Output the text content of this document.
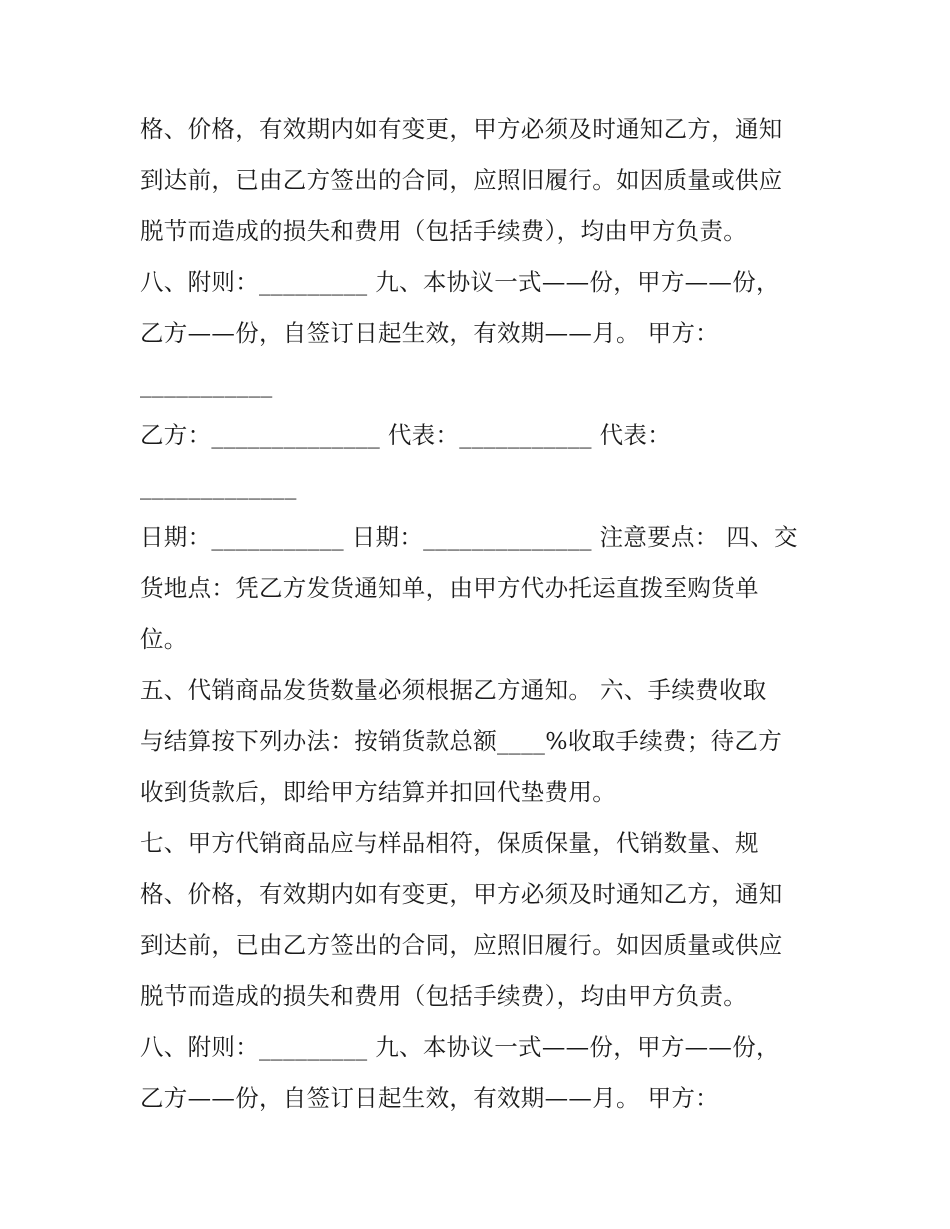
格、价格，有效期内如有变更，甲方必须及时通知乙方，通知
到达前，已由乙方签出的合同，应照旧履行。如因质量或供应
脱节而造成的损失和费用（包括手续费），均由甲方负责。
八、附则：_________ 九、本协议一式——份，甲方——份，
乙方——份，自签订日起生效，有效期——月。 甲方：
___________
乙方：______________ 代表：___________ 代表：
_____________
日期：___________ 日期：______________ 注意要点： 四、交
货地点：凭乙方发货通知单，由甲方代办托运直拨至购货单
位。
五、代销商品发货数量必须根据乙方通知。 六、手续费收取
与结算按下列办法：按销货款总额____%收取手续费；待乙方
收到货款后，即给甲方结算并扣回代垫费用。
七、甲方代销商品应与样品相符，保质保量，代销数量、规
格、价格，有效期内如有变更，甲方必须及时通知乙方，通知
到达前，已由乙方签出的合同，应照旧履行。如因质量或供应
脱节而造成的损失和费用（包括手续费），均由甲方负责。
八、附则：_________ 九、本协议一式——份，甲方——份，
乙方——份，自签订日起生效，有效期——月。 甲方：
